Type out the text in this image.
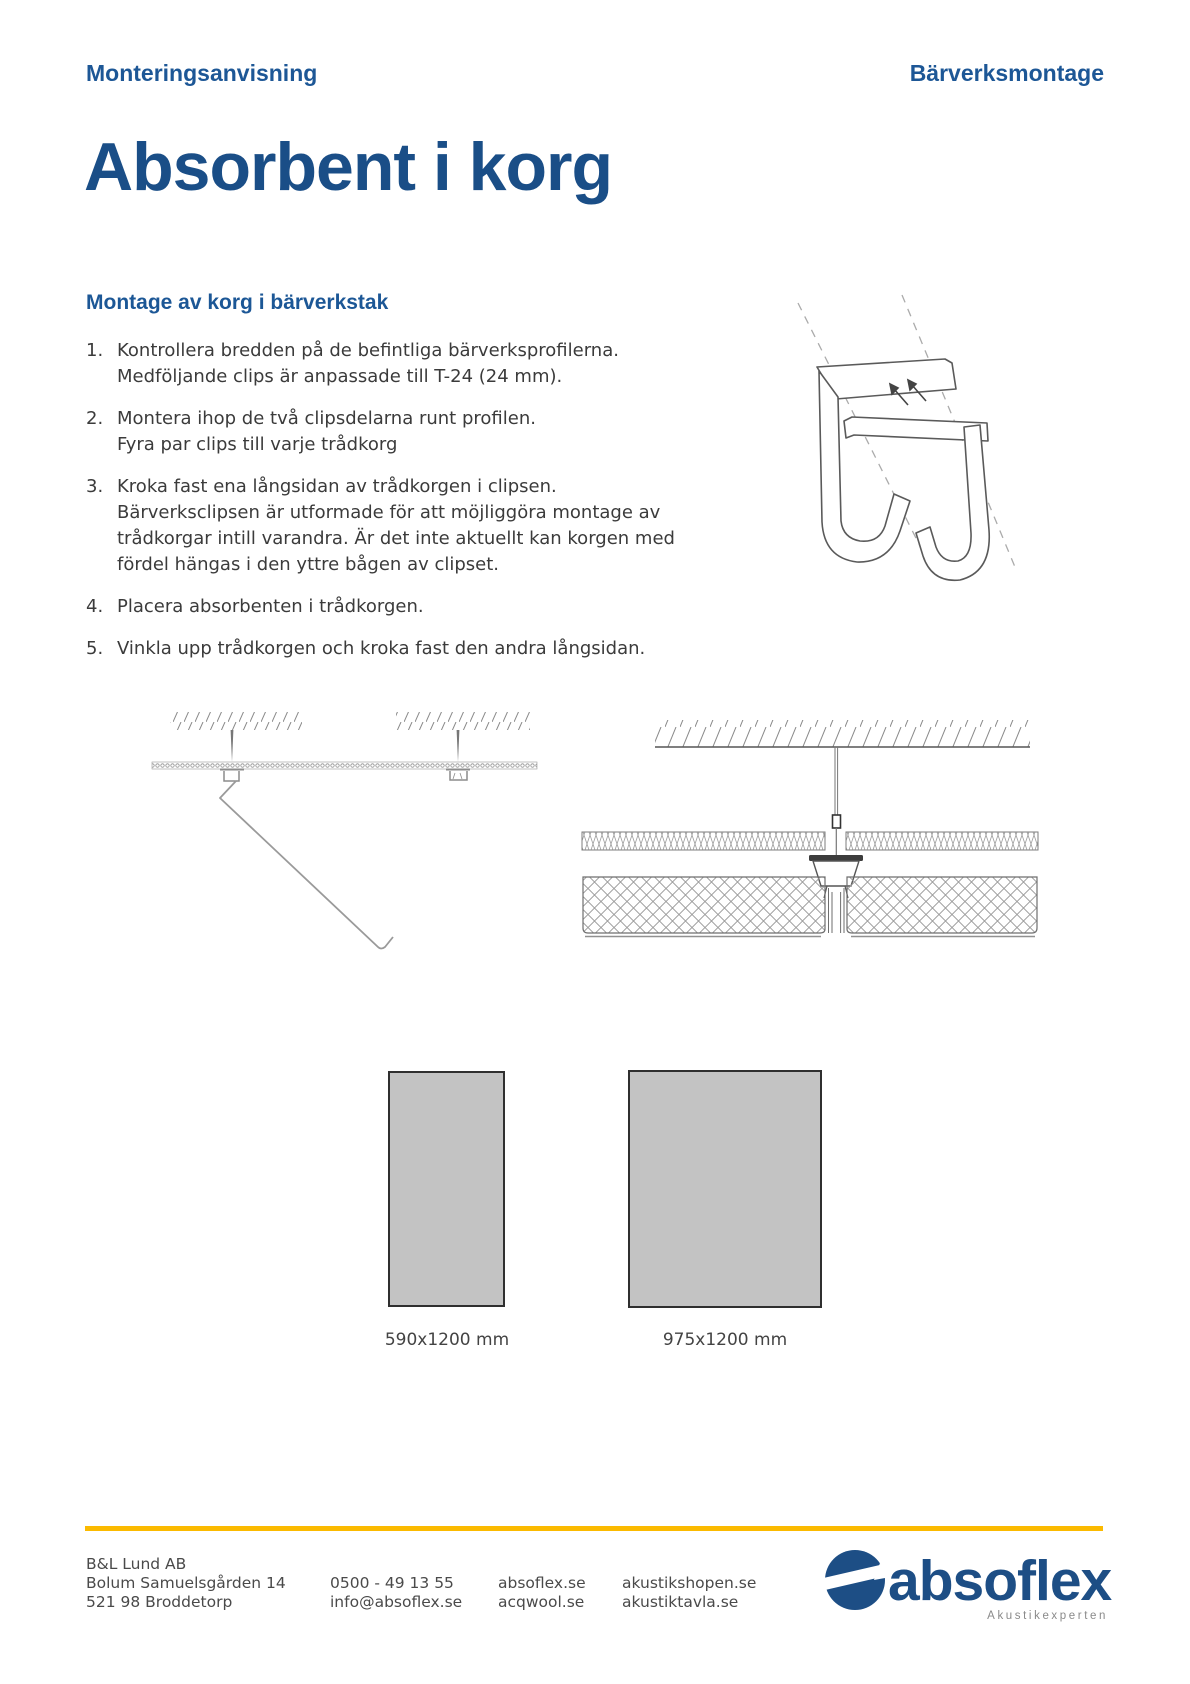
Monteringsanvisning	Bärverksmontage
Absorbent i korg
Montage av korg i bärverkstak
1. Kontrollera bredden på de befintliga bärverksprofilerna.
Medföljande clips är anpassade till T-24 (24 mm).
2. Montera ihop de två clipsdelarna runt profilen.
Fyra par clips till varje trådkorg
3. Kroka fast ena långsidan av trådkorgen i clipsen.
Bärverksclipsen är utformade för att möjliggöra montage av
trådkorgar intill varandra. Är det inte aktuellt kan korgen med
fördel hängas i den yttre bågen av clipset.
4. Placera absorbenten i trådkorgen.
5. Vinkla upp trådkorgen och kroka fast den andra långsidan.
590x1200 mm	975x1200 mm
B&L Lund AB
Bolum Samuelsgården 14
521 98 Broddetorp
0500 - 49 13 55
info@absoflex.se
absoflex.se
acqwool.se
akustikshopen.se
akustiktavla.se	absoflex
Akustikexperten
